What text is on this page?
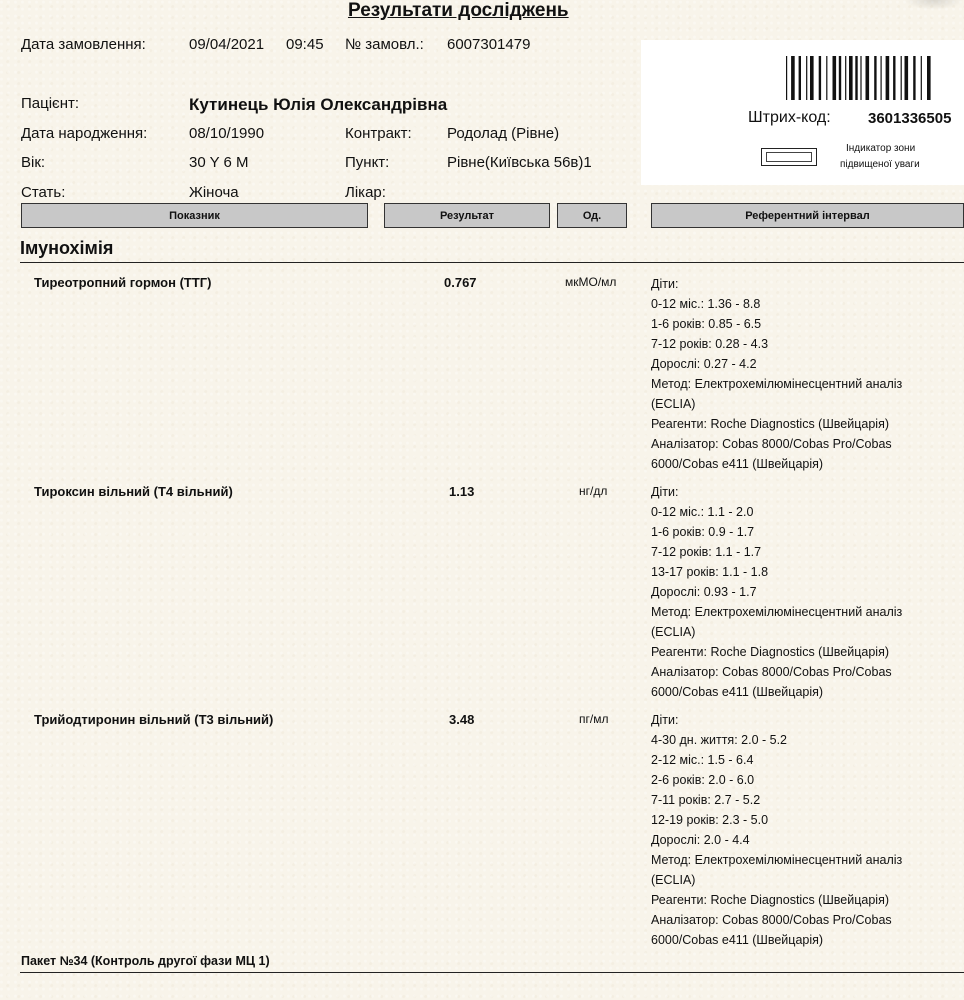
Результати досліджень
Дата замовлення:	09/04/2021 09:45 № замовл.: 6007301479
Пацієнт:	Кутинець Юлія Олександрівна
Дата народження:	08/10/1990	Контракт: Родолад (Рівне)
Вік:	30 Y 6 M	Пункт:	Рівне(Київська 56в)1
Стать:	Жіноча	Лікар:
Штрих-код: 3601336505
Індикатор зони
підвищеної уваги
Показник	Результат	Од.	Референтний інтервал
Імунохімія
Тиреотропний гормон (ТТГ)	0.767	мкМО/мл	Діти:
0-12 міс.: 1.36 - 8.8
1-6 років: 0.85 - 6.5
7-12 років: 0.28 - 4.3
Дорослі: 0.27 - 4.2
Метод: Електрохемілюмінесцентний аналіз
(ECLIA)
Реагенти: Roche Diagnostics (Швейцарія)
Аналізатор: Cobas 8000/Cobas Pro/Cobas
6000/Cobas e411 (Швейцарія)
Тироксин вільний (Т4 вільний)	1.13	нг/дл	Діти:
0-12 міс.: 1.1 - 2.0
1-6 років: 0.9 - 1.7
7-12 років: 1.1 - 1.7
13-17 років: 1.1 - 1.8
Дорослі: 0.93 - 1.7
Метод: Електрохемілюмінесцентний аналіз
(ECLIA)
Реагенти: Roche Diagnostics (Швейцарія)
Аналізатор: Cobas 8000/Cobas Pro/Cobas
6000/Cobas e411 (Швейцарія)
Трийодтиронин вільний (Т3 вільний)	3.48	пг/мл	Діти:
4-30 дн. життя: 2.0 - 5.2
2-12 міс.: 1.5 - 6.4
2-6 років: 2.0 - 6.0
7-11 років: 2.7 - 5.2
12-19 років: 2.3 - 5.0
Дорослі: 2.0 - 4.4
Метод: Електрохемілюмінесцентний аналіз
(ECLIA)
Реагенти: Roche Diagnostics (Швейцарія)
Аналізатор: Cobas 8000/Cobas Pro/Cobas
6000/Cobas e411 (Швейцарія)
Пакет №34 (Контроль другої фази МЦ 1)
